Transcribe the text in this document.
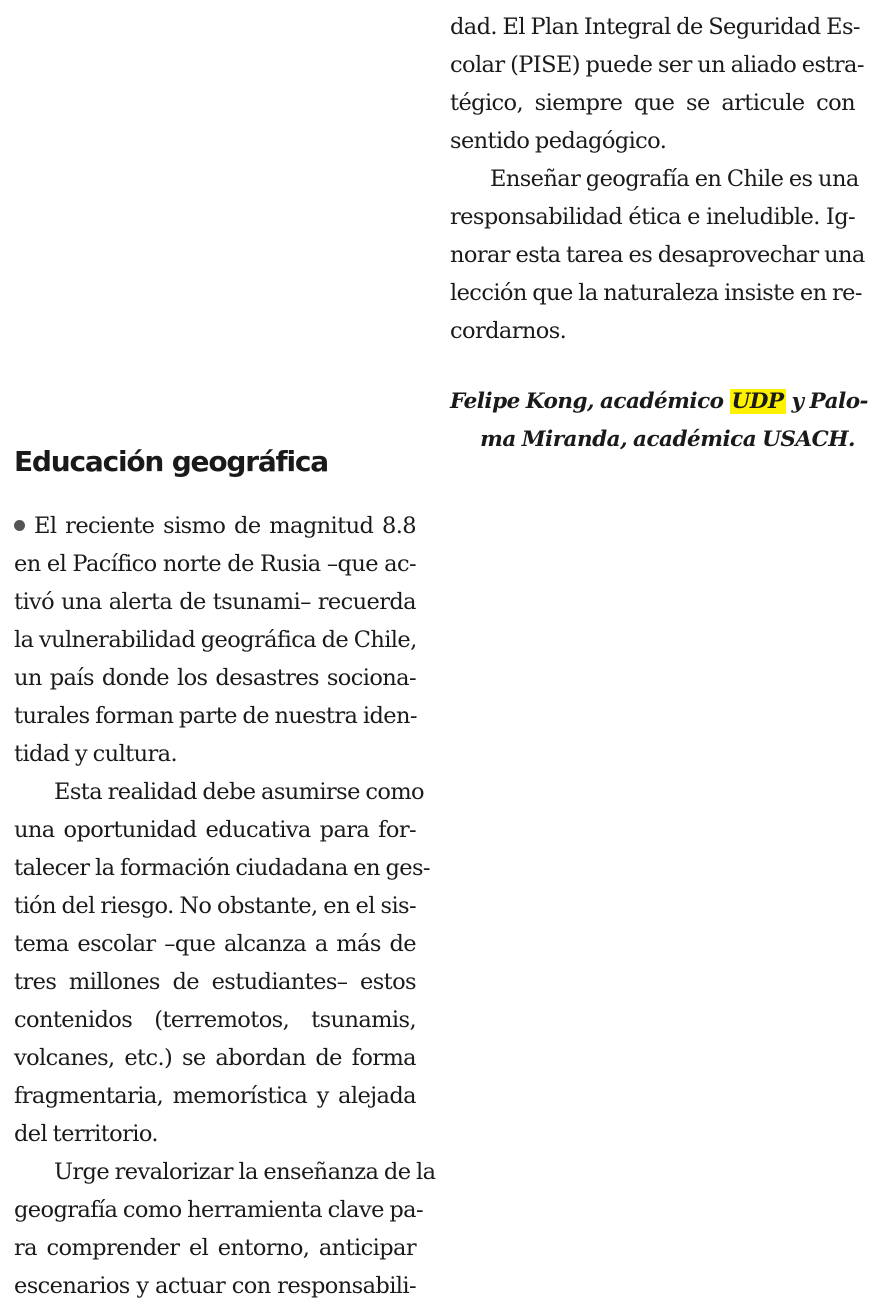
dad. El Plan Integral de Seguridad Es-
colar (PISE) puede ser un aliado estra-
tégico, siempre que se articule con
sentido pedagógico.
Enseñar geografía en Chile es una
responsabilidad ética e ineludible. Ig-
norar esta tarea es desaprovechar una
lección que la naturaleza insiste en re-
cordarnos.
Felipe Kong, académico UDP y Palo-
ma Miranda, académica USACH.
Educación geográfica
El reciente sismo de magnitud 8.8
en el Pacífico norte de Rusia –que ac-
tivó una alerta de tsunami– recuerda
la vulnerabilidad geográfica de Chile,
un país donde los desastres sociona-
turales forman parte de nuestra iden-
tidad y cultura.
Esta realidad debe asumirse como
una oportunidad educativa para for-
talecer la formación ciudadana en ges-
tión del riesgo. No obstante, en el sis-
tema escolar –que alcanza a más de
tres millones de estudiantes– estos
contenidos (terremotos, tsunamis,
volcanes, etc.) se abordan de forma
fragmentaria, memorística y alejada
del territorio.
Urge revalorizar la enseñanza de la
geografía como herramienta clave pa-
ra comprender el entorno, anticipar
escenarios y actuar con responsabili-
